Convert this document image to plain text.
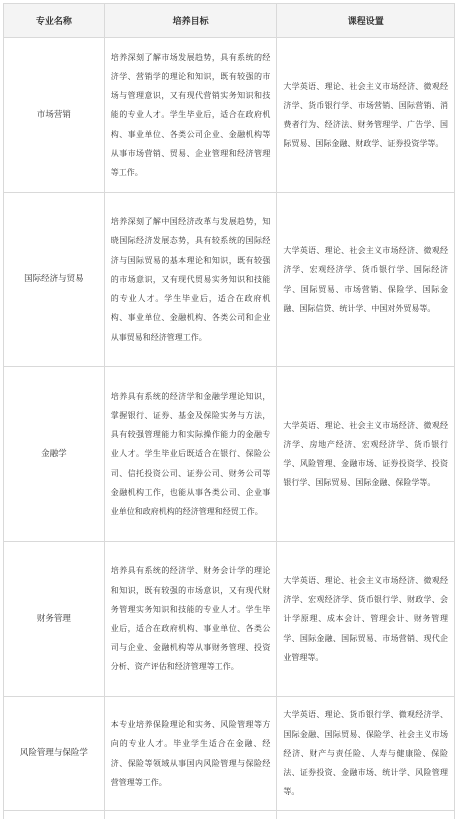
专业名称	培养目标	课程设置
市场营销
培养深刻了解市场发展趋势，具有系统的经济学、营销学的理论和知识，既有较强的市场与管理意识，又有现代营销实务知识和技能的专业人才。学生毕业后，适合在政府机构、事业单位、各类公司企业、金融机构等从事市场营销、贸易、企业管理和经济管理等工作。
大学英语、理论、社会主义市场经济、微观经济学、货币银行学、市场营销、国际营销、消费者行为、经济法、财务管理学、广告学、国际贸易、国际金融、财政学、证券投资学等。
国际经济与贸易
培养深刻了解中国经济改革与发展趋势，知晓国际经济发展态势，具有较系统的国际经济与国际贸易的基本理论和知识，既有较强的市场意识，又有现代贸易实务知识和技能的专业人才。学生毕业后，适合在政府机构、事业单位、金融机构、各类公司和企业从事贸易和经济管理工作。
大学英语、理论、社会主义市场经济、微观经济学、宏观经济学、货币银行学、国际经济学、国际贸易、市场营销、保险学、国际金融、国际信贷、统计学、中国对外贸易等。
金融学
培养具有系统的经济学和金融学理论知识，掌握银行、证券、基金及保险实务与方法，具有较强管理能力和实际操作能力的金融专业人才。学生毕业后既适合在银行、保险公司、信托投资公司、证券公司、财务公司等金融机构工作，也能从事各类公司、企业事业单位和政府机构的经济管理和经贸工作。
大学英语、理论、社会主义市场经济、微观经济学、房地产经济、宏观经济学、货币银行学、风险管理、金融市场、证券投资学、投资银行学、国际贸易、国际金融、保险学等。
财务管理
培养具有系统的经济学、财务会计学的理论和知识，既有较强的市场意识，又有现代财务管理实务知识和技能的专业人才。学生毕业后，适合在政府机构、事业单位、各类公司与企业、金融机构等从事财务管理、投资分析、资产评估和经济管理等工作。
大学英语、理论、社会主义市场经济、微观经济学、宏观经济学、货币银行学、财政学、会计学原理、成本会计、管理会计、财务管理学、国际金融、国际贸易、市场营销、现代企业管理等。
风险管理与保险学
本专业培养保险理论和实务、风险管理等方向的专业人才。毕业学生适合在金融、经济、保险等领域从事国内风险管理与保险经营管理等工作。
大学英语、理论、货币银行学、微观经济学、国际金融、国际贸易、保险学、社会主义市场经济、财产与责任险、人寿与健康险、保险法、证券投资、金融市场、统计学、风险管理等。
